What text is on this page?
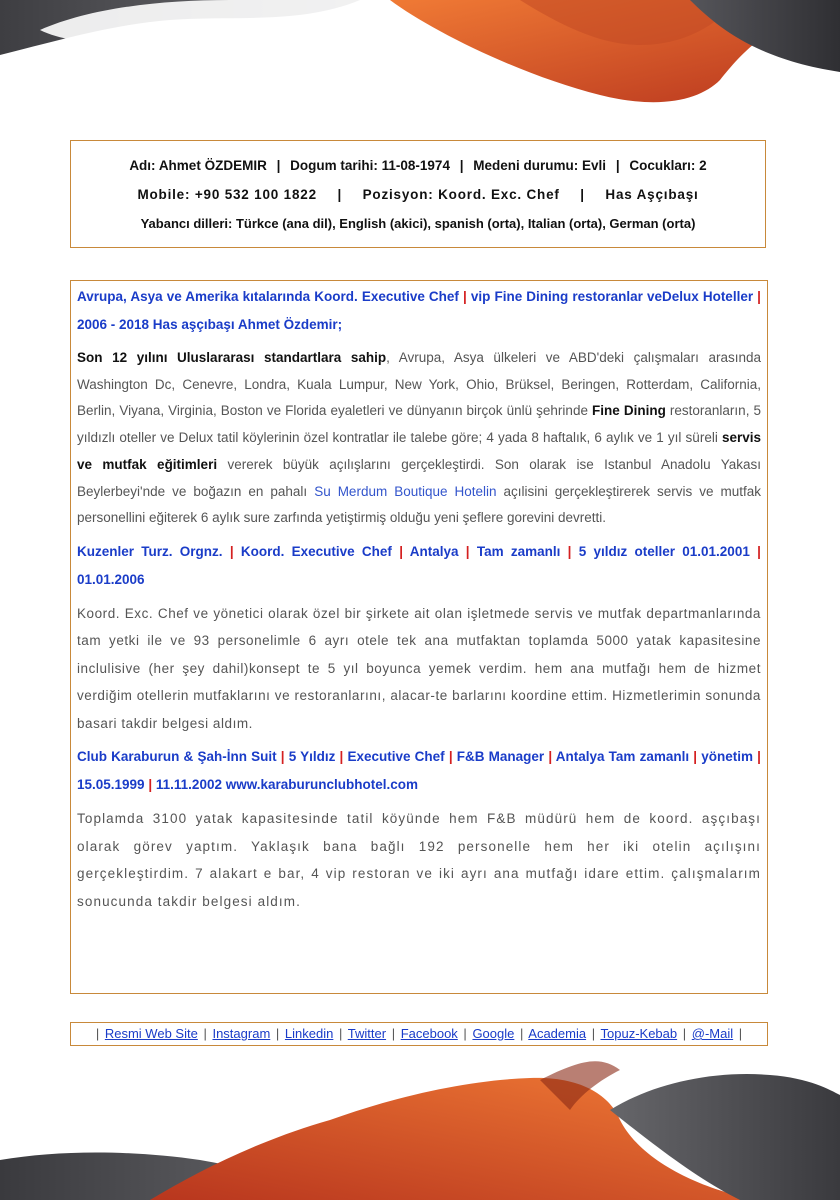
Adı: Ahmet ÖZDEMIR | Dogum tarihi: 11-08-1974 | Medeni durumu: Evli | Cocukları: 2
Mobile: +90 532 100 1822 | Pozisyon: Koord. Exc. Chef | Has Aşçıbaşı
Yabancı dilleri: Türkce (ana dil), English (akici), spanish (orta), Italian (orta), German (orta)

Avrupa, Asya ve Amerika kıtalarında Koord. Executive Chef | vip Fine Dining restoranlar veDelux Hoteller | 2006 - 2018 Has aşçıbaşı Ahmet Özdemir;

Son 12 yılını Uluslararası standartlara sahip, Avrupa, Asya ülkeleri ve ABD'deki çalışmaları arasında Washington Dc, Cenevre, Londra, Kuala Lumpur, New York, Ohio, Brüksel, Beringen, Rotterdam, California, Berlin, Viyana, Virginia, Boston ve Florida eyaletleri ve dünyanın birçok ünlü şehrinde Fine Dining restoranların, 5 yıldızlı oteller ve Delux tatil köylerinin özel kontratlar ile talebe göre; 4 yada 8 haftalık, 6 aylık ve 1 yıl süreli servis ve mutfak eğitimleri vererek büyük açılışlarını gerçekleştirdi. Son olarak ise Istanbul Anadolu Yakası Beylerbeyi'nde ve boğazın en pahalı Su Merdum Boutique Hotelin açılisini gerçekleştirerek servis ve mutfak personellini eğiterek 6 aylık sure zarfında yetiştirmiş olduğu yeni şeflere gorevini devretti.

Kuzenler Turz. Orgnz. | Koord. Executive Chef | Antalya | Tam zamanlı | 5 yıldız oteller 01.01.2001 | 01.01.2006

Koord. Exc. Chef ve yönetici olarak özel bir şirkete ait olan işletmede servis ve mutfak departmanlarında tam yetki ile ve 93 personelimle 6 ayrı otele tek ana mutfaktan toplamda 5000 yatak kapasitesine inclulisive (her şey dahil)konsept te 5 yıl boyunca yemek verdim. hem ana mutfağı hem de hizmet verdiğim otellerin mutfaklarını ve restoranlarını, alacar-te barlarını koordine ettim. Hizmetlerimin sonunda basari takdir belgesi aldım.

Club Karaburun & Şah-İnn Suit | 5 Yıldız | Executive Chef | F&B Manager | Antalya Tam zamanlı | yönetim | 15.05.1999 | 11.11.2002 www.karaburunclubhotel.com

Toplamda 3100 yatak kapasitesinde tatil köyünde hem F&B müdürü hem de koord. aşçıbaşı olarak görev yaptım. Yaklaşık bana bağlı 192 personelle hem her iki otelin açılışını gerçekleştirdim. 7 alakart e bar, 4 vip restoran ve iki ayrı ana mutfağı idare ettim. çalışmalarım sonucunda takdir belgesi aldım.

| Resmi Web Site | Instagram | Linkedin | Twitter | Facebook | Google | Academia | Topuz-Kebab | @-Mail |
